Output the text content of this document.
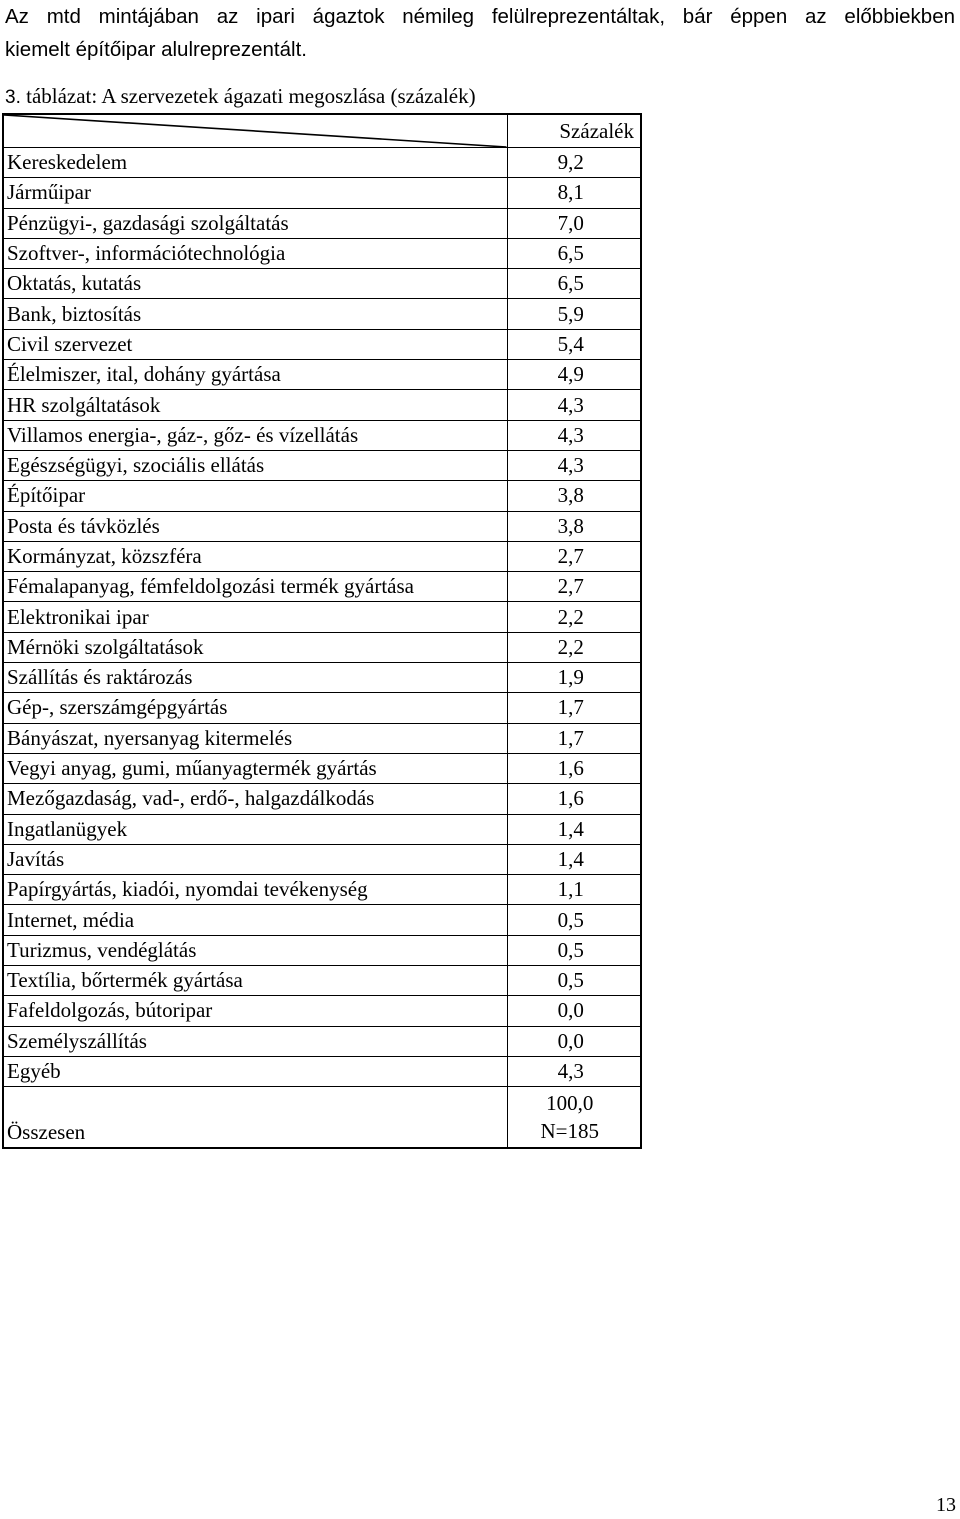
Az mtd mintájában az ipari ágaztok némileg felülreprezentáltak, bár éppen az előbbiekben
kiemelt építőipar alulreprezentált.
3. táblázat: A szervezetek ágazati megoszlása (százalék)
	Százalék
Kereskedelem	9,2
Járműipar	8,1
Pénzügyi-, gazdasági szolgáltatás	7,0
Szoftver-, információtechnológia	6,5
Oktatás, kutatás	6,5
Bank, biztosítás	5,9
Civil szervezet	5,4
Élelmiszer, ital, dohány gyártása	4,9
HR szolgáltatások	4,3
Villamos energia-, gáz-, gőz- és vízellátás	4,3
Egészségügyi, szociális ellátás	4,3
Építőipar	3,8
Posta és távközlés	3,8
Kormányzat, közszféra	2,7
Fémalapanyag, fémfeldolgozási termék gyártása	2,7
Elektronikai ipar	2,2
Mérnöki szolgáltatások	2,2
Szállítás és raktározás	1,9
Gép-, szerszámgépgyártás	1,7
Bányászat, nyersanyag kitermelés	1,7
Vegyi anyag, gumi, műanyagtermék gyártás	1,6
Mezőgazdaság, vad-, erdő-, halgazdálkodás	1,6
Ingatlanügyek	1,4
Javítás	1,4
Papírgyártás, kiadói, nyomdai tevékenység	1,1
Internet, média	0,5
Turizmus, vendéglátás	0,5
Textília, bőrtermék gyártása	0,5
Fafeldolgozás, bútoripar	0,0
Személyszállítás	0,0
Egyéb	4,3
Összesen	100,0
N=185
13
